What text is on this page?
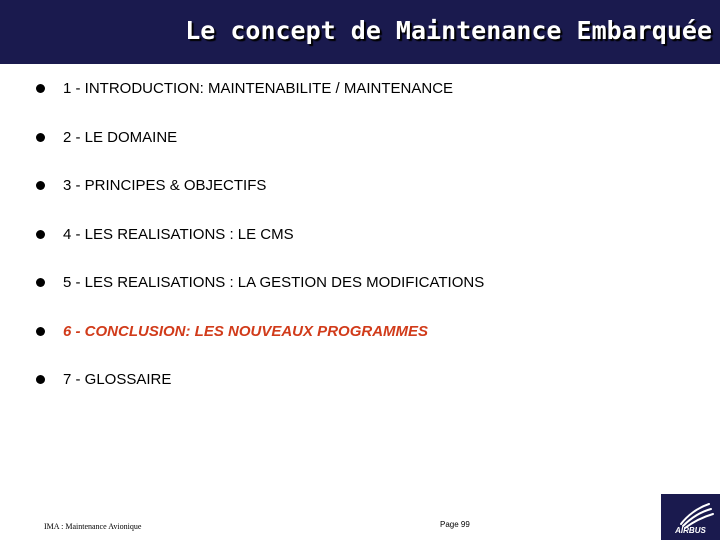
Le concept de Maintenance Embarquée
1 - INTRODUCTION: MAINTENABILITE / MAINTENANCE
2 - LE DOMAINE
3 - PRINCIPES & OBJECTIFS
4 - LES REALISATIONS : LE CMS
5 - LES REALISATIONS : LA GESTION DES MODIFICATIONS
6 - CONCLUSION: LES NOUVEAUX PROGRAMMES
7 - GLOSSAIRE
IMA : Maintenance Avionique	Page 99
AIRBUS
